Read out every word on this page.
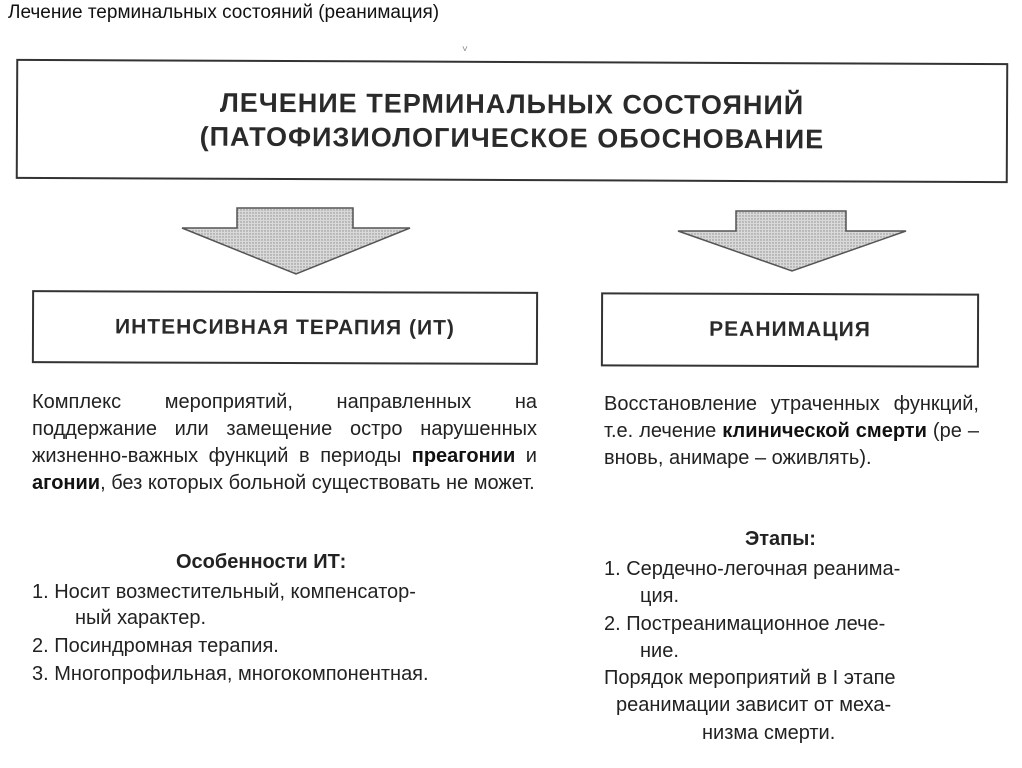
Лечение терминальных состояний (реанимация)
˅
ЛЕЧЕНИЕ ТЕРМИНАЛЬНЫХ СОСТОЯНИЙ
(ПАТОФИЗИОЛОГИЧЕСКОЕ ОБОСНОВАНИЕ
ИНТЕНСИВНАЯ ТЕРАПИЯ (ИТ)	РЕАНИМАЦИЯ
Комплекс мероприятий, направленных на поддержание или замещение остро нарушенных жизненно-важных функций в периоды преагонии и агонии, без которых больной существовать не может.
Особенности ИТ:
1. Носит возместительный, компенсатор-
ный характер.
2. Посиндромная терапия.
3. Многопрофильная, многокомпонентная.
Восстановление утраченных функций, т.е. лечение клинической смерти (ре – вновь, анимаре – оживлять).
Этапы:
1. Сердечно-легочная реанима-
ция.
2. Постреанимационное лече-
ние.
Порядок мероприятий в I этапе
реанимации зависит от меха-
низма смерти.
